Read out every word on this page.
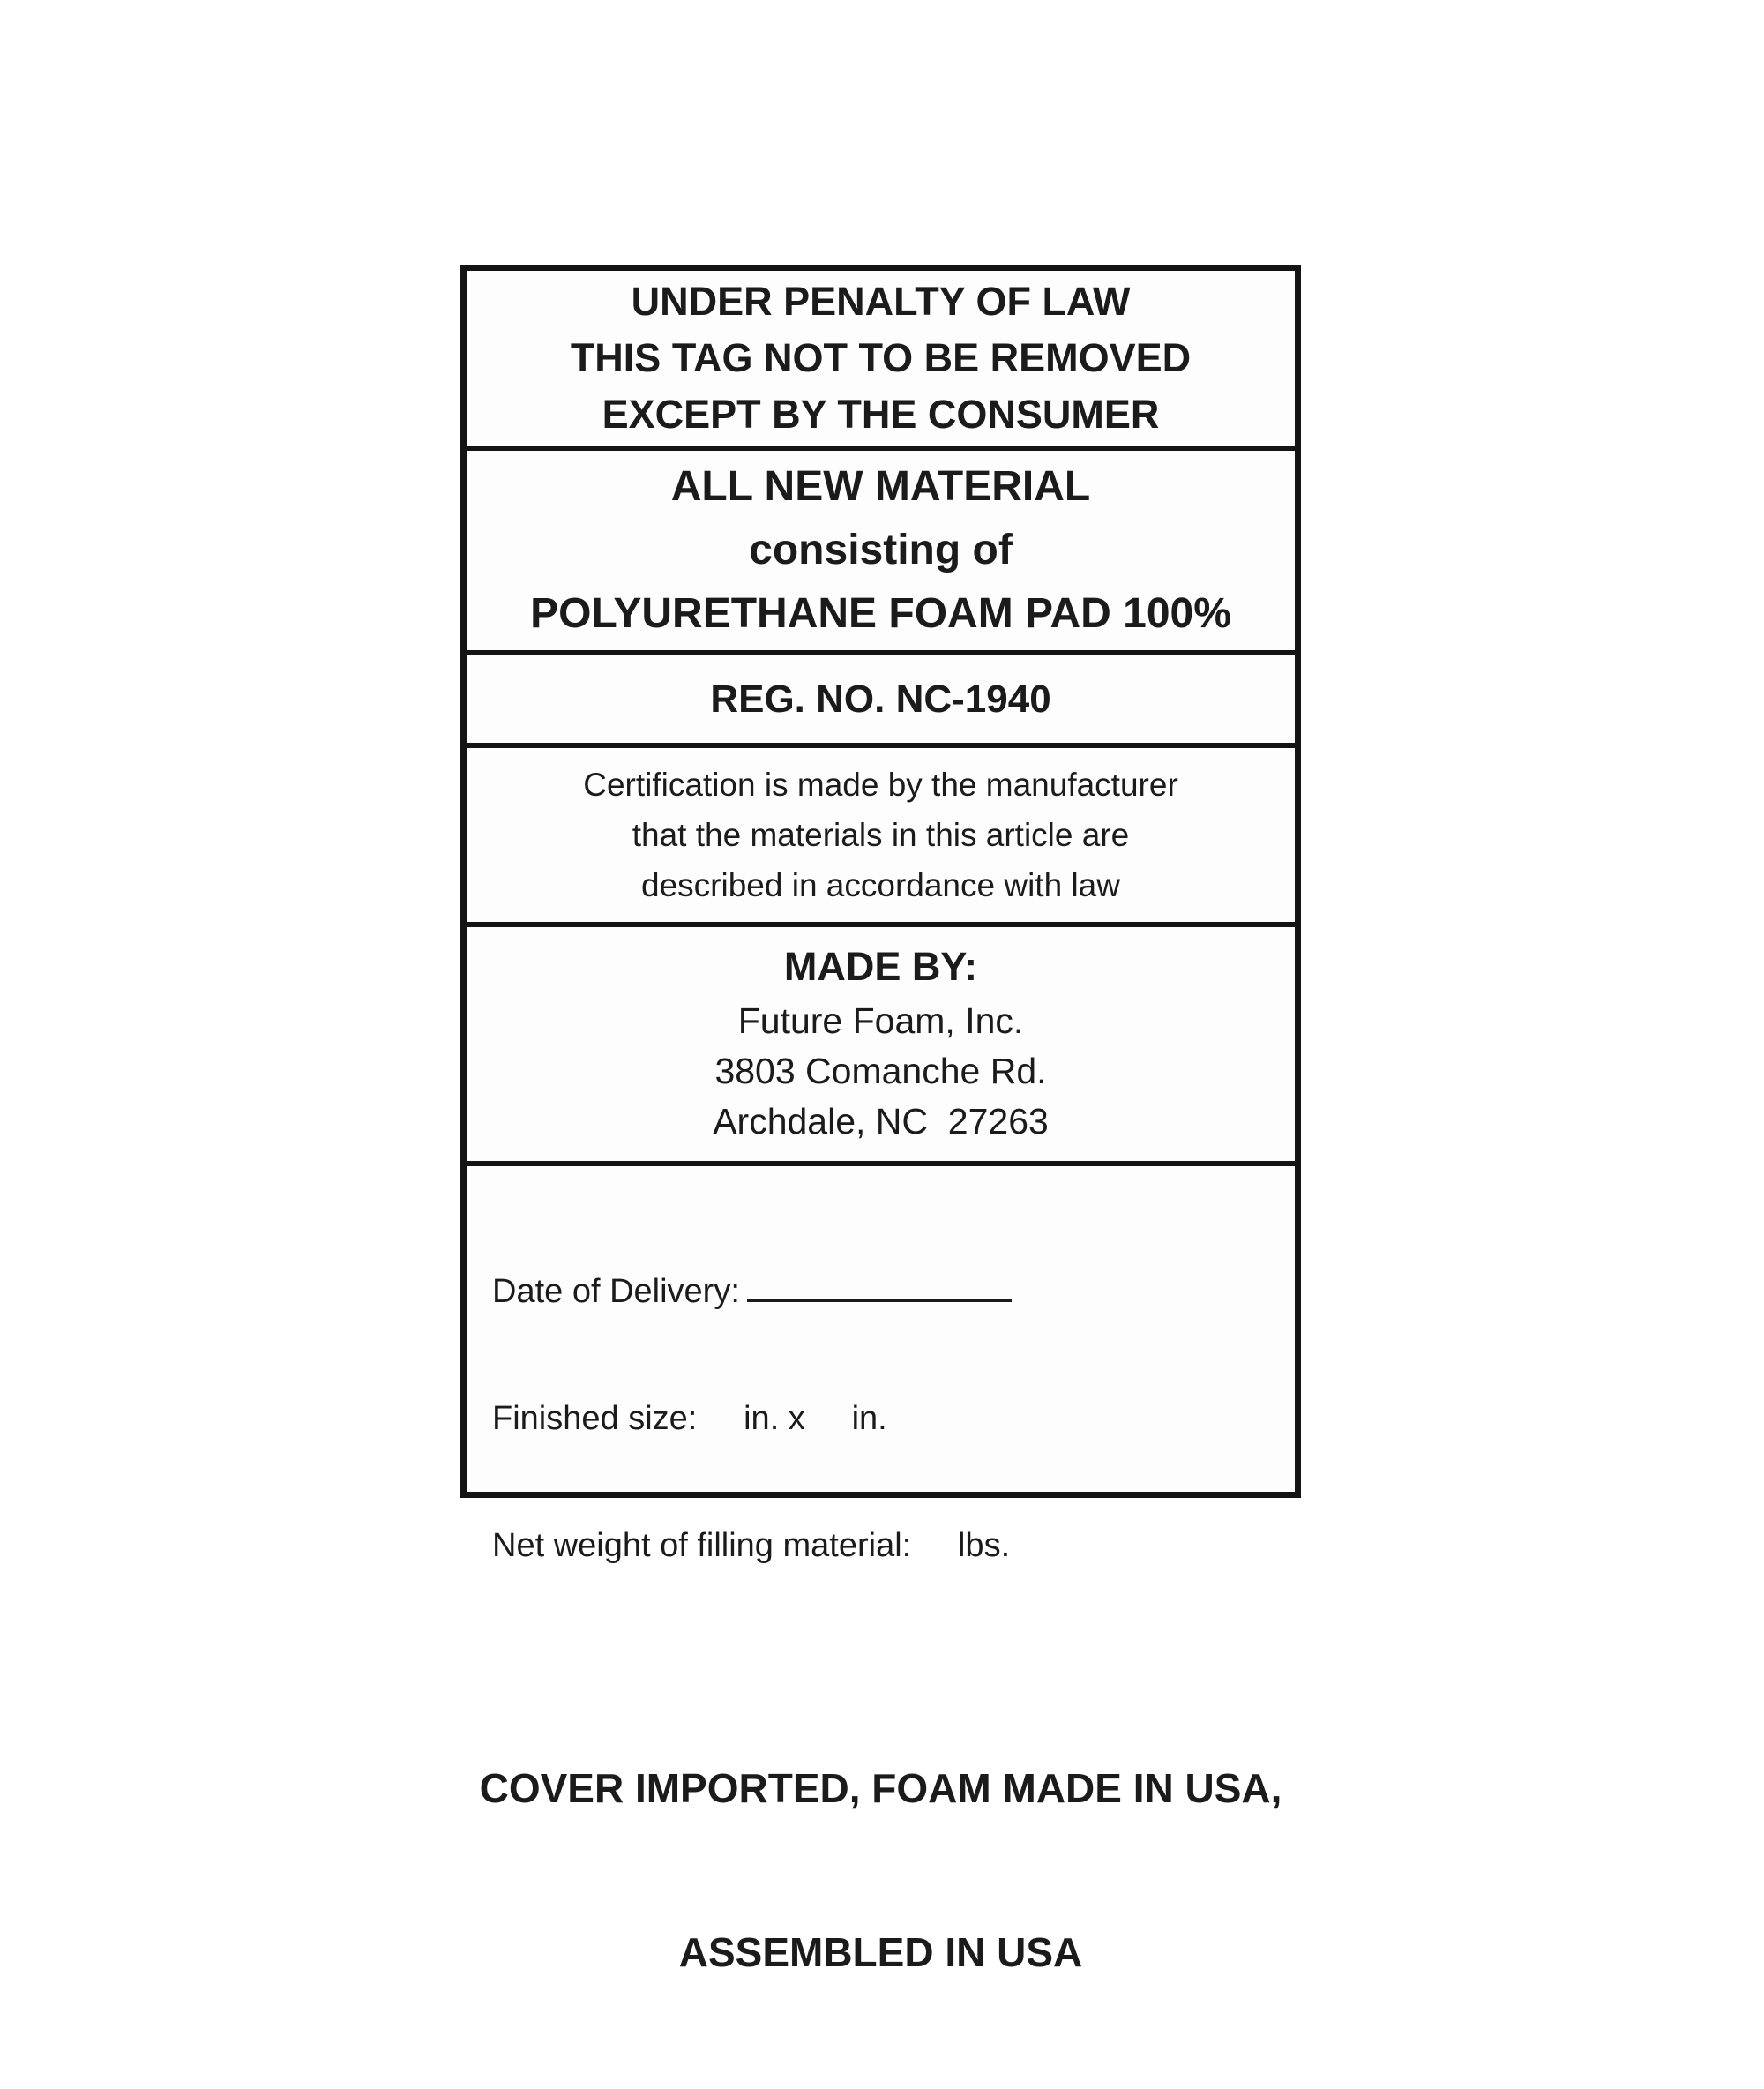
UNDER PENALTY OF LAW
THIS TAG NOT TO BE REMOVED
EXCEPT BY THE CONSUMER
ALL NEW MATERIAL
consisting of
POLYURETHANE FOAM PAD 100%
REG. NO. NC-1940
Certification is made by the manufacturer
that the materials in this article are
described in accordance with law
MADE BY:
Future Foam, Inc.
3803 Comanche Rd.
Archdale, NC  27263

Date of Delivery:

Finished size:     in. x     in.

Net weight of filling material:     lbs.

COVER IMPORTED, FOAM MADE IN USA,

ASSEMBLED IN USA
